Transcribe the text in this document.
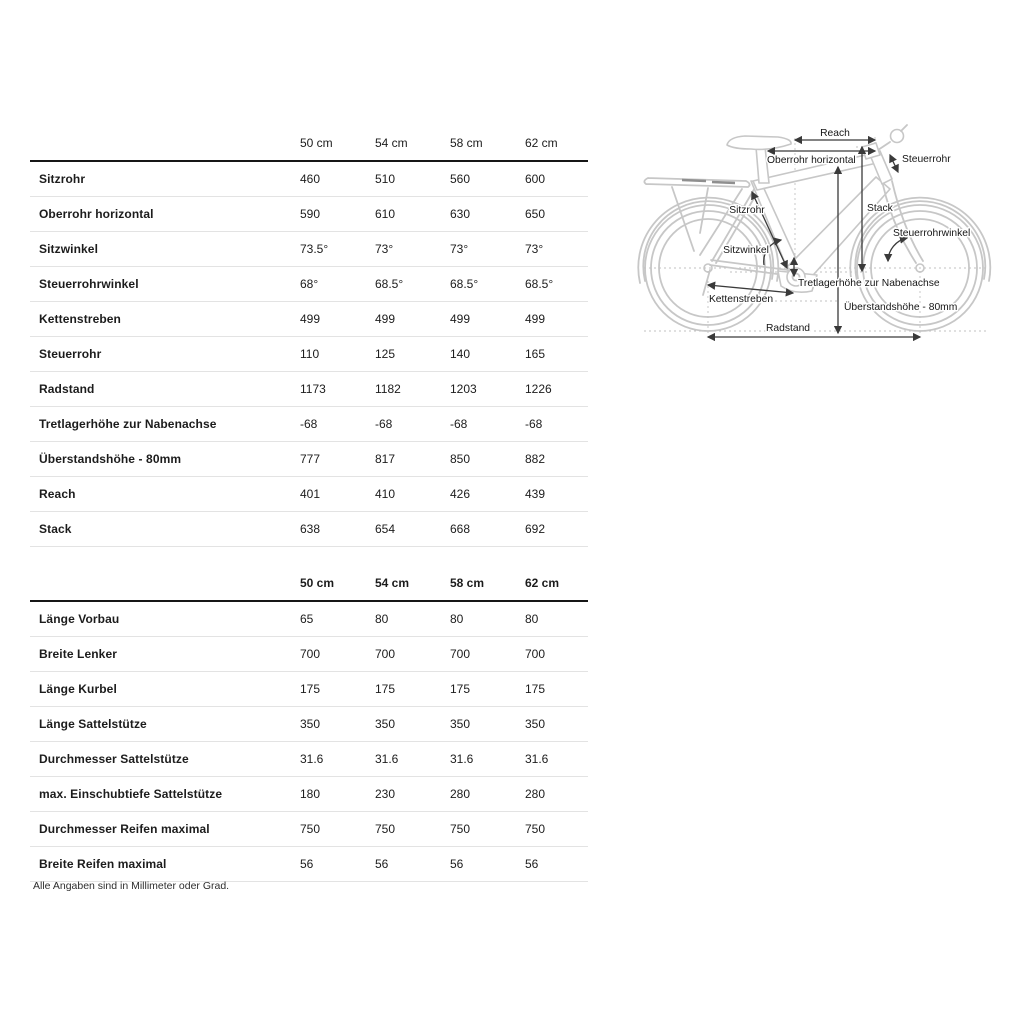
	50 cm	54 cm	58 cm	62 cm
Sitzrohr	460	510	560	600
Oberrohr horizontal	590	610	630	650
Sitzwinkel	73.5°	73°	73°	73°
Steuerrohrwinkel	68°	68.5°	68.5°	68.5°
Kettenstreben	499	499	499	499
Steuerrohr	110	125	140	165
Radstand	1173	1182	1203	1226
Tretlagerhöhe zur Nabenachse	-68	-68	-68	-68
Überstandshöhe - 80mm	777	817	850	882
Reach	401	410	426	439
Stack	638	654	668	692
	50 cm	54 cm	58 cm	62 cm
Länge Vorbau	65	80	80	80
Breite Lenker	700	700	700	700
Länge Kurbel	175	175	175	175
Länge Sattelstütze	350	350	350	350
Durchmesser Sattelstütze	31.6	31.6	31.6	31.6
max. Einschubtiefe Sattelstütze	180	230	280	280
Durchmesser Reifen maximal	750	750	750	750
Breite Reifen maximal	56	56	56	56
Alle Angaben sind in Millimeter oder Grad.
Reach
Oberrohr horizontal	Steuerrohr
Sitzrohr	Stack
Sitzwinkel
Steuerrohrwinkel
Tretlagerhöhe zur Nabenachse
Überstandshöhe - 80mm
Kettenstreben
Radstand
